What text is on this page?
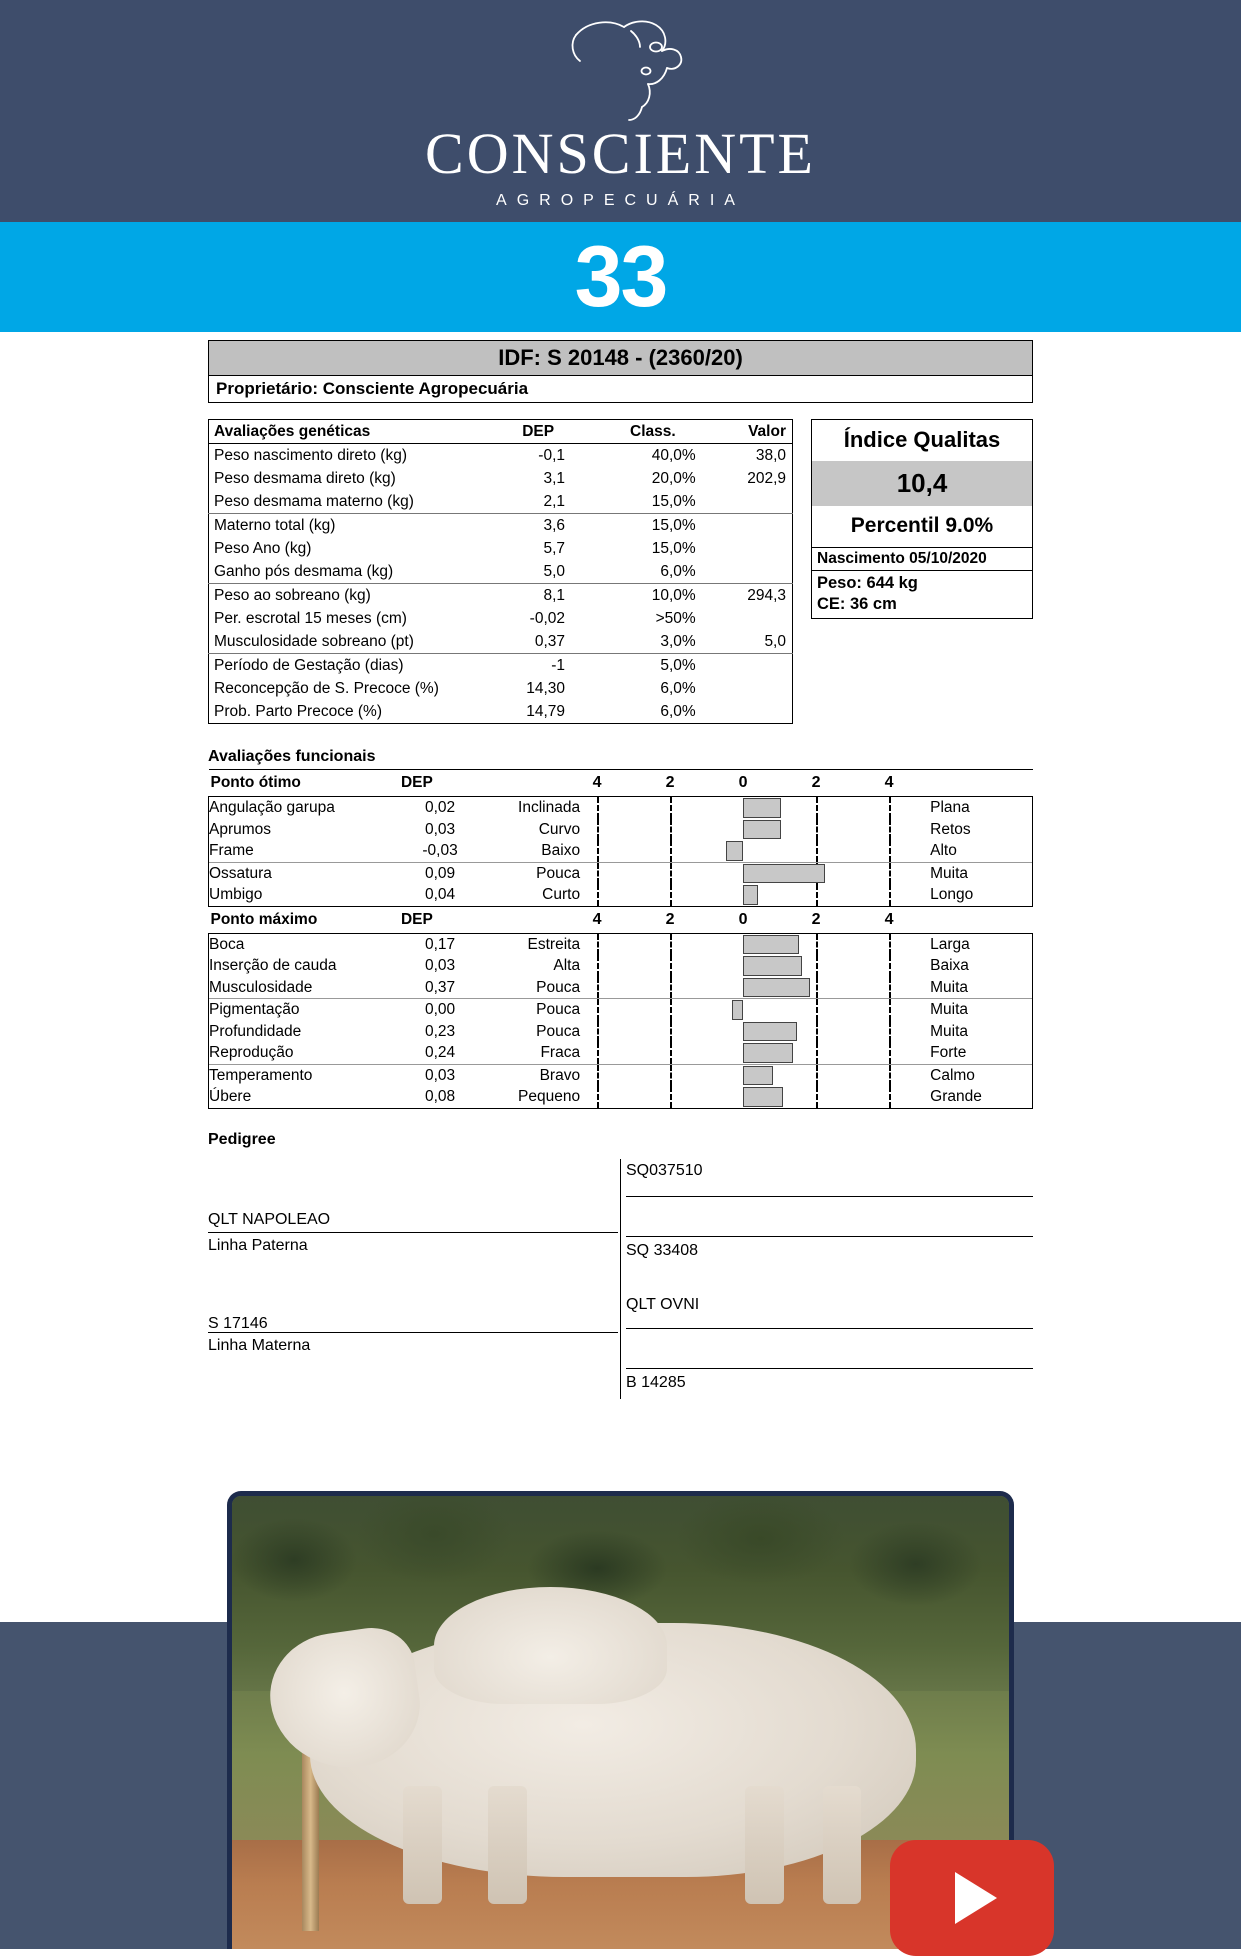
CONSCIENTE
AGROPECUÁRIA
33
IDF: S 20148 - (2360/20)
Proprietário: Consciente Agropecuária
Avaliações genéticas	DEP	Class.	Valor
Peso nascimento direto (kg)	-0,1	40,0%	38,0
Peso desmama direto (kg)	3,1	20,0%	202,9
Peso desmama materno (kg)	2,1	15,0%	
Materno total (kg)	3,6	15,0%	
Peso Ano (kg)	5,7	15,0%	
Ganho pós desmama (kg)	5,0	6,0%	
Peso ao sobreano (kg)	8,1	10,0%	294,3
Per. escrotal 15 meses (cm)	-0,02	>50%	
Musculosidade sobreano (pt)	0,37	3,0%	5,0
Período de Gestação (dias)	-1	5,0%	
Reconcepção de S. Precoce (%)	14,30	6,0%	
Prob. Parto Precoce (%)	14,79	6,0%	
Índice Qualitas
10,4
Percentil 9.0%
Nascimento 05/10/2020
Peso: 644 kg
CE: 36 cm
Avaliações funcionais
Ponto ótimo	DEP		4 2 0 2 4	

Angulação garupa	0,02	Inclinada		Plana
Aprumos	0,03	Curvo		Retos
Frame	-0,03	Baixo		Alto
Ossatura	0,09	Pouca		Muita
Umbigo	0,04	Curto		Longo
Ponto máximo	DEP		4 2 0 2 4	

Boca	0,17	Estreita		Larga
Inserção de cauda	0,03	Alta		Baixa
Musculosidade	0,37	Pouca		Muita
Pigmentação	0,00	Pouca		Muita
Profundidade	0,23	Pouca		Muita
Reprodução	0,24	Fraca		Forte
Temperamento	0,03	Bravo		Calmo
Úbere	0,08	Pequeno		Grande
Pedigree
QLT NAPOLEAO
Linha Paterna
S 17146
Linha Materna
SQ037510
SQ 33408
QLT OVNI
B 14285
